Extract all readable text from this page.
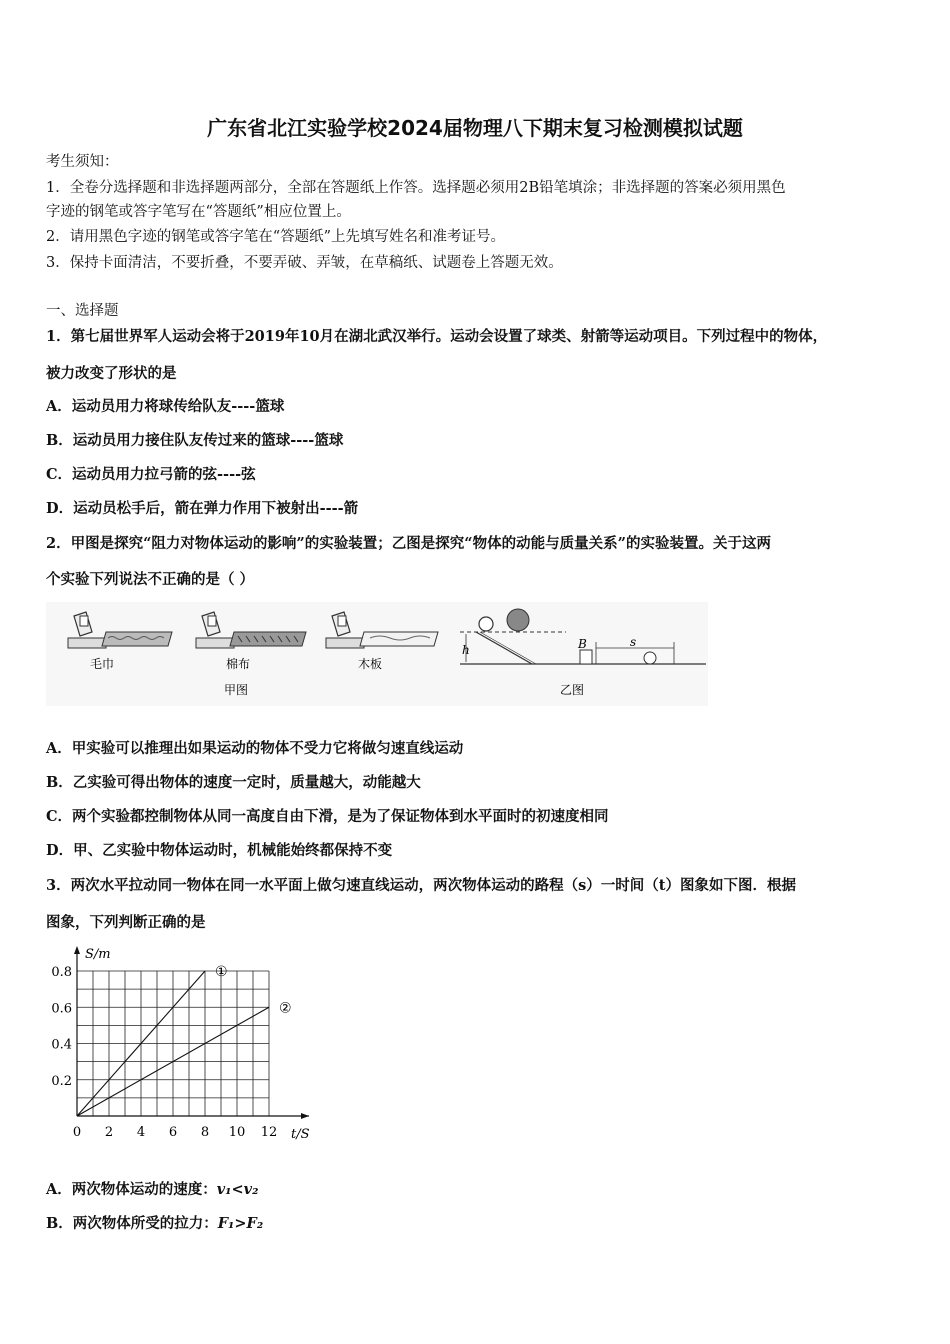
广东省北江实验学校2024届物理八下期末复习检测模拟试题
考生须知：
1．全卷分选择题和非选择题两部分，全部在答题纸上作答。选择题必须用2B铅笔填涂；非选择题的答案必须用黑色
字迹的钢笔或答字笔写在“答题纸”相应位置上。
2．请用黑色字迹的钢笔或答字笔在“答题纸”上先填写姓名和准考证号。
3．保持卡面清洁，不要折叠，不要弄破、弄皱，在草稿纸、试题卷上答题无效。
一、选择题
1．第七届世界军人运动会将于2019年10月在湖北武汉举行。运动会设置了球类、射箭等运动项目。下列过程中的物体，
被力改变了形状的是
A．运动员用力将球传给队友----篮球
B．运动员用力接住队友传过来的篮球----篮球
C．运动员用力拉弓箭的弦----弦
D．运动员松手后，箭在弹力作用下被射出----箭
2．甲图是探究“阻力对物体运动的影响”的实验装置；乙图是探究“物体的动能与质量关系”的实验装置。关于这两
个实验下列说法不正确的是（ ）
毛巾	棉布	木板
甲图
h	B	s
乙图
A．甲实验可以推理出如果运动的物体不受力它将做匀速直线运动
B．乙实验可得出物体的速度一定时，质量越大，动能越大
C．两个实验都控制物体从同一高度自由下滑，是为了保证物体到水平面时的初速度相同
D．甲、乙实验中物体运动时，机械能始终都保持不变
3．两次水平拉动同一物体在同一水平面上做匀速直线运动，两次物体运动的路程（s）一时间（t）图象如下图．根据
图象，下列判断正确的是
S/m
t/S
①
②
0 2 4 6 8 10 12
0.2
0.4
0.6
0.8
A．两次物体运动的速度：v₁<v₂
B．两次物体所受的拉力：F₁>F₂
